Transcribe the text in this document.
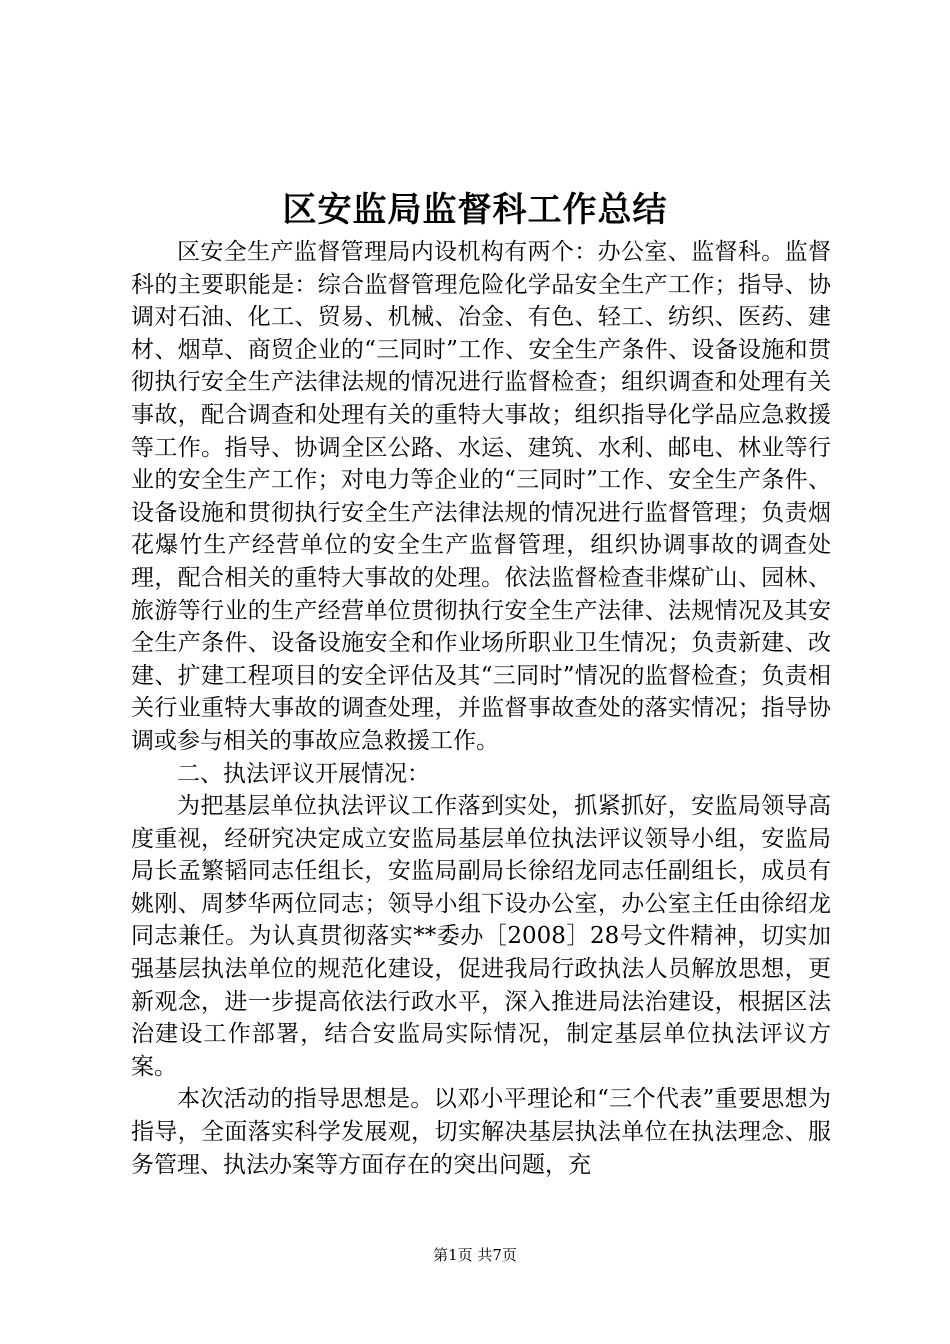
区安监局监督科工作总结

区安全生产监督管理局内设机构有两个：办公室、监督科。监督科的主要职能是：综合监督管理危险化学品安全生产工作；指导、协调对石油、化工、贸易、机械、冶金、有色、轻工、纺织、医药、建材、烟草、商贸企业的“三同时”工作、安全生产条件、设备设施和贯彻执行安全生产法律法规的情况进行监督检查；组织调查和处理有关事故，配合调查和处理有关的重特大事故；组织指导化学品应急救援等工作。指导、协调全区公路、水运、建筑、水利、邮电、林业等行业的安全生产工作；对电力等企业的“三同时”工作、安全生产条件、设备设施和贯彻执行安全生产法律法规的情况进行监督管理；负责烟花爆竹生产经营单位的安全生产监督管理，组织协调事故的调查处理，配合相关的重特大事故的处理。依法监督检查非煤矿山、园林、旅游等行业的生产经营单位贯彻执行安全生产法律、法规情况及其安全生产条件、设备设施安全和作业场所职业卫生情况；负责新建、改建、扩建工程项目的安全评估及其“三同时”情况的监督检查；负责相关行业重特大事故的调查处理，并监督事故查处的落实情况；指导协调或参与相关的事故应急救援工作。

二、执法评议开展情况：

为把基层单位执法评议工作落到实处，抓紧抓好，安监局领导高度重视，经研究决定成立安监局基层单位执法评议领导小组，安监局局长孟繁韬同志任组长，安监局副局长徐绍龙同志任副组长，成员有姚刚、周梦华两位同志；领导小组下设办公室，办公室主任由徐绍龙同志兼任。为认真贯彻落实**委办［2008］28号文件精神，切实加强基层执法单位的规范化建设，促进我局行政执法人员解放思想，更新观念，进一步提高依法行政水平，深入推进局法治建设，根据区法治建设工作部署，结合安监局实际情况，制定基层单位执法评议方案。

本次活动的指导思想是。以邓小平理论和“三个代表”重要思想为指导，全面落实科学发展观，切实解决基层执法单位在执法理念、服务管理、执法办案等方面存在的突出问题，充

第1页 共7页
